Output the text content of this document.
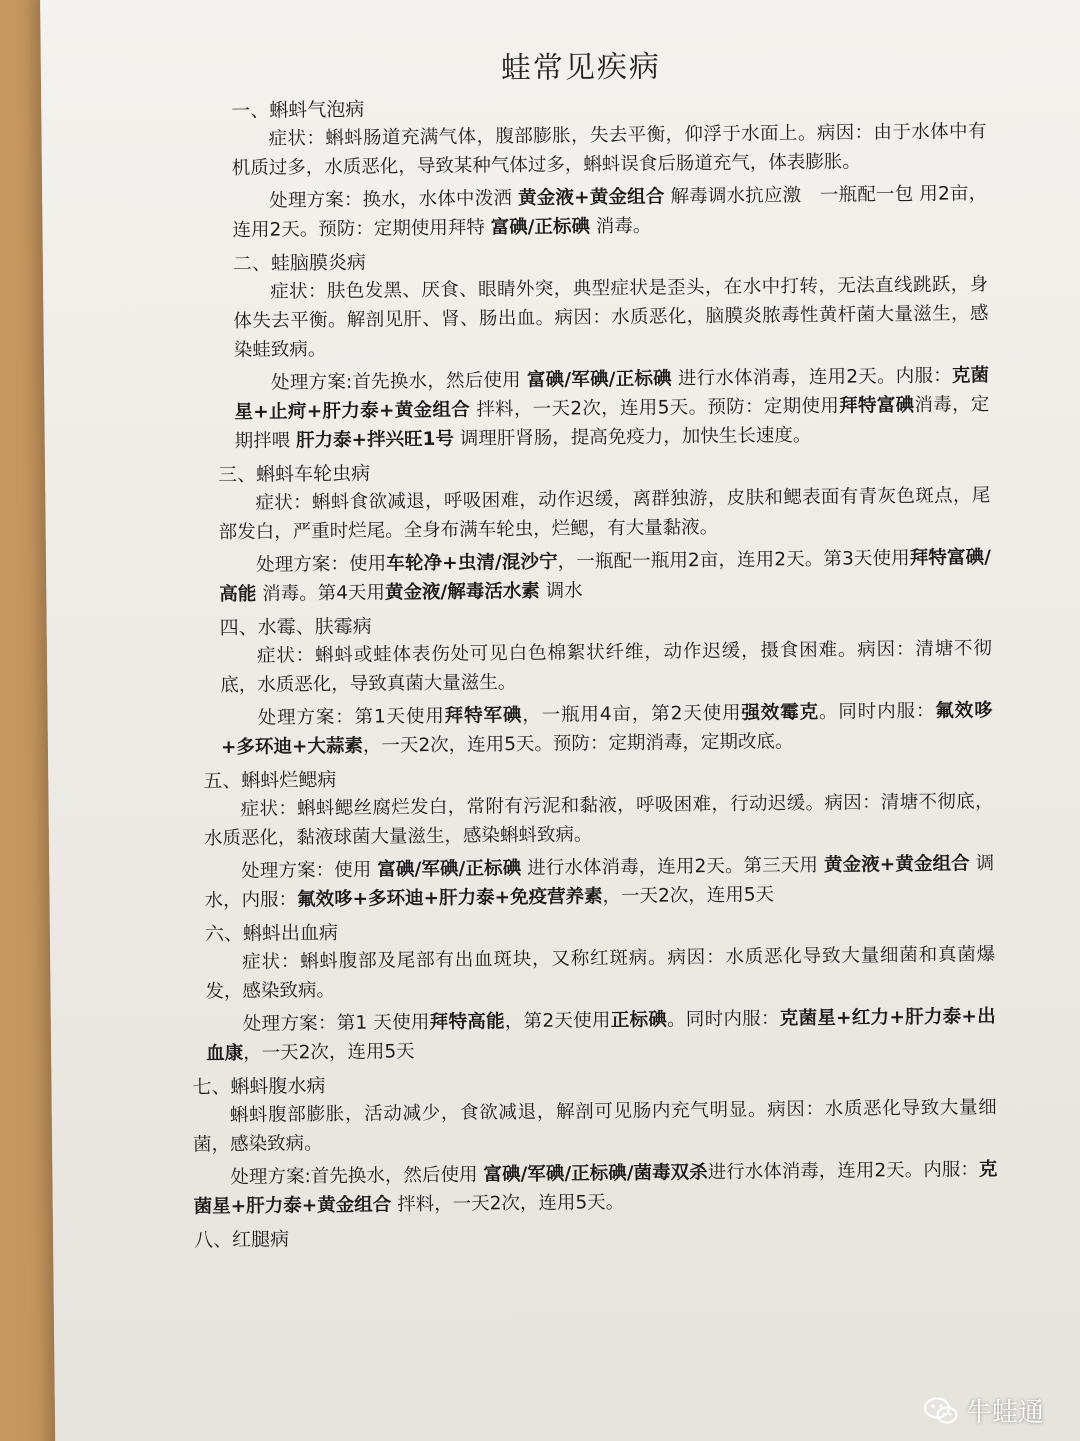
蛙常见疾病
一、蝌蚪气泡病
症状：蝌蚪肠道充满气体，腹部膨胀，失去平衡，仰浮于水面上。病因：由于水体中有机质过多，水质恶化，导致某种气体过多，蝌蚪误食后肠道充气，体表膨胀。
处理方案：换水，水体中泼洒 黄金液+黄金组合 解毒调水抗应激　一瓶配一包 用2亩，连用2天。预防：定期使用拜特 富碘/正标碘 消毒。
二、蛙脑膜炎病
症状：肤色发黑、厌食、眼睛外突，典型症状是歪头，在水中打转，无法直线跳跃，身体失去平衡。解剖见肝、肾、肠出血。病因：水质恶化，脑膜炎脓毒性黄杆菌大量滋生，感染蛙致病。
处理方案:首先换水，然后使用 富碘/军碘/正标碘 进行水体消毒，连用2天。内服：克菌星+止疴+肝力泰+黄金组合 拌料，一天2次，连用5天。预防：定期使用拜特富碘消毒，定期拌喂 肝力泰+拌兴旺1号 调理肝肾肠，提高免疫力，加快生长速度。
三、蝌蚪车轮虫病
症状：蝌蚪食欲减退，呼吸困难，动作迟缓，离群独游，皮肤和鳃表面有青灰色斑点，尾部发白，严重时烂尾。全身布满车轮虫，烂鳃，有大量黏液。
处理方案：使用车轮净+虫清/混沙宁，一瓶配一瓶用2亩，连用2天。第3天使用拜特富碘/高能 消毒。第4天用黄金液/解毒活水素 调水
四、水霉、肤霉病
症状：蝌蚪或蛙体表伤处可见白色棉絮状纤维，动作迟缓，摄食困难。病因：清塘不彻底，水质恶化，导致真菌大量滋生。
处理方案：第1天使用拜特军碘，一瓶用4亩，第2天使用强效霉克。同时内服：氟效哆+多环迪+大蒜素，一天2次，连用5天。预防：定期消毒，定期改底。
五、蝌蚪烂鳃病
症状：蝌蚪鳃丝腐烂发白，常附有污泥和黏液，呼吸困难，行动迟缓。病因：清塘不彻底，水质恶化，黏液球菌大量滋生，感染蝌蚪致病。
处理方案：使用 富碘/军碘/正标碘 进行水体消毒，连用2天。第三天用 黄金液+黄金组合 调水，内服：氟效哆+多环迪+肝力泰+免疫营养素，一天2次，连用5天
六、蝌蚪出血病
症状：蝌蚪腹部及尾部有出血斑块，又称红斑病。病因：水质恶化导致大量细菌和真菌爆发，感染致病。
处理方案：第1 天使用拜特高能，第2天使用正标碘。同时内服：克菌星+红力+肝力泰+出血康，一天2次，连用5天
七、蝌蚪腹水病
蝌蚪腹部膨胀，活动减少，食欲减退，解剖可见肠内充气明显。病因：水质恶化导致大量细菌，感染致病。
处理方案:首先换水，然后使用 富碘/军碘/正标碘/菌毒双杀进行水体消毒，连用2天。内服：克菌星+肝力泰+黄金组合 拌料，一天2次，连用5天。
八、红腿病
牛蛙通
